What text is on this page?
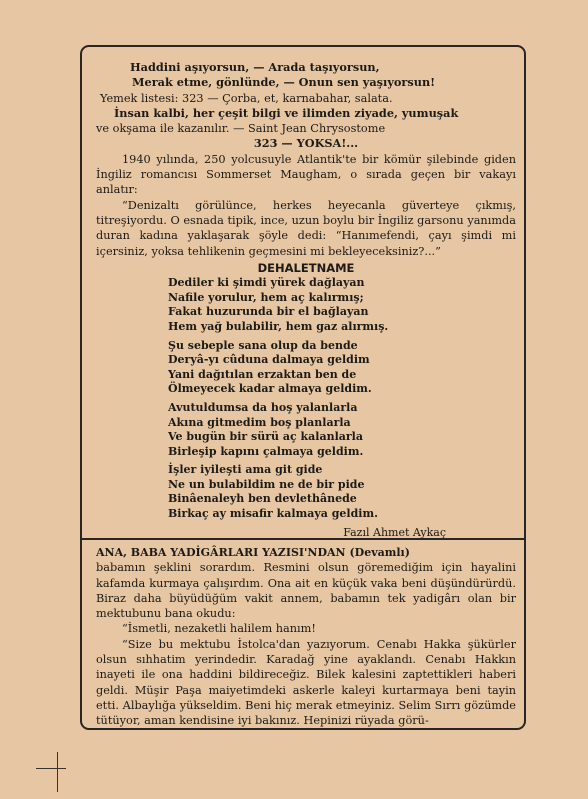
Haddini aşıyorsun, — Arada taşıyorsun,
Merak etme, gönlünde, — Onun sen yaşıyorsun!
Yemek listesi: 323 — Çorba, et, karnabahar, salata.
İnsan kalbi, her çeşit bilgi ve ilimden ziyade, yumuşak
ve okşama ile kazanılır. — Saint Jean Chrysostome
323 — YOKSA!...

1940 yılında, 250 yolcusuyle Atlantik'te bir kömür şilebinde giden İngiliz romancısı Sommerset Maugham, o sırada geçen bir vakayı anlatır:

“Denizaltı görülünce, herkes heyecanla güverteye çıkmış, titreşiyordu. O esnada tipik, ince, uzun boylu bir İngiliz garsonu yanımda duran kadına yaklaşarak şöyle dedi: “Hanımefendi, çayı şimdi mi içersiniz, yoksa tehlikenin geçmesini mi bekleyeceksiniz?...”

DEHALETNAME
Dediler ki şimdi yürek dağlayan
Nafile yorulur, hem aç kalırmış;
Fakat huzurunda bir el bağlayan
Hem yağ bulabilir, hem gaz alırmış.
Şu sebeple sana olup da bende
Deryâ-yı cûduna dalmaya geldim
Yani dağıtılan erzaktan ben de
Ölmeyecek kadar almaya geldim.
Avutuldumsa da hoş yalanlarla
Akına gitmedim boş planlarla
Ve bugün bir sürü aç kalanlarla
Birleşip kapını çalmaya geldim.
İşler iyileşti ama git gide
Ne un bulabildim ne de bir pide
Binâenaleyh ben devlethânede
Birkaç ay misafir kalmaya geldim.
Fazıl Ahmet Aykaç
ANA, BABA YADİGÂRLARI YAZISI'NDAN (Devamlı)

babamın şeklini sorardım. Resmini olsun göremediğim için hayalini kafamda kurmaya çalışırdım. Ona ait en küçük vaka beni düşündürürdü. Biraz daha büyüdüğüm vakit annem, babamın tek yadigârı olan bir mektubunu bana okudu:

“İsmetli, nezaketli halilem hanım!

“Size bu mektubu İstolca'dan yazıyorum. Cenabı Hakka şükürler olsun sıhhatim yerindedir. Karadağ yine ayaklandı. Cenabı Hakkın inayeti ile ona haddini bildireceğiz. Bilek kalesini zaptettikleri haberi geldi. Müşir Paşa maiyetimdeki askerle kaleyi kurtarmaya beni tayin etti. Albaylığa yükseldim. Beni hiç merak etmeyiniz. Selim Sırrı gözümde tütüyor, aman kendisine iyi bakınız. Hepinizi rüyada görü-
